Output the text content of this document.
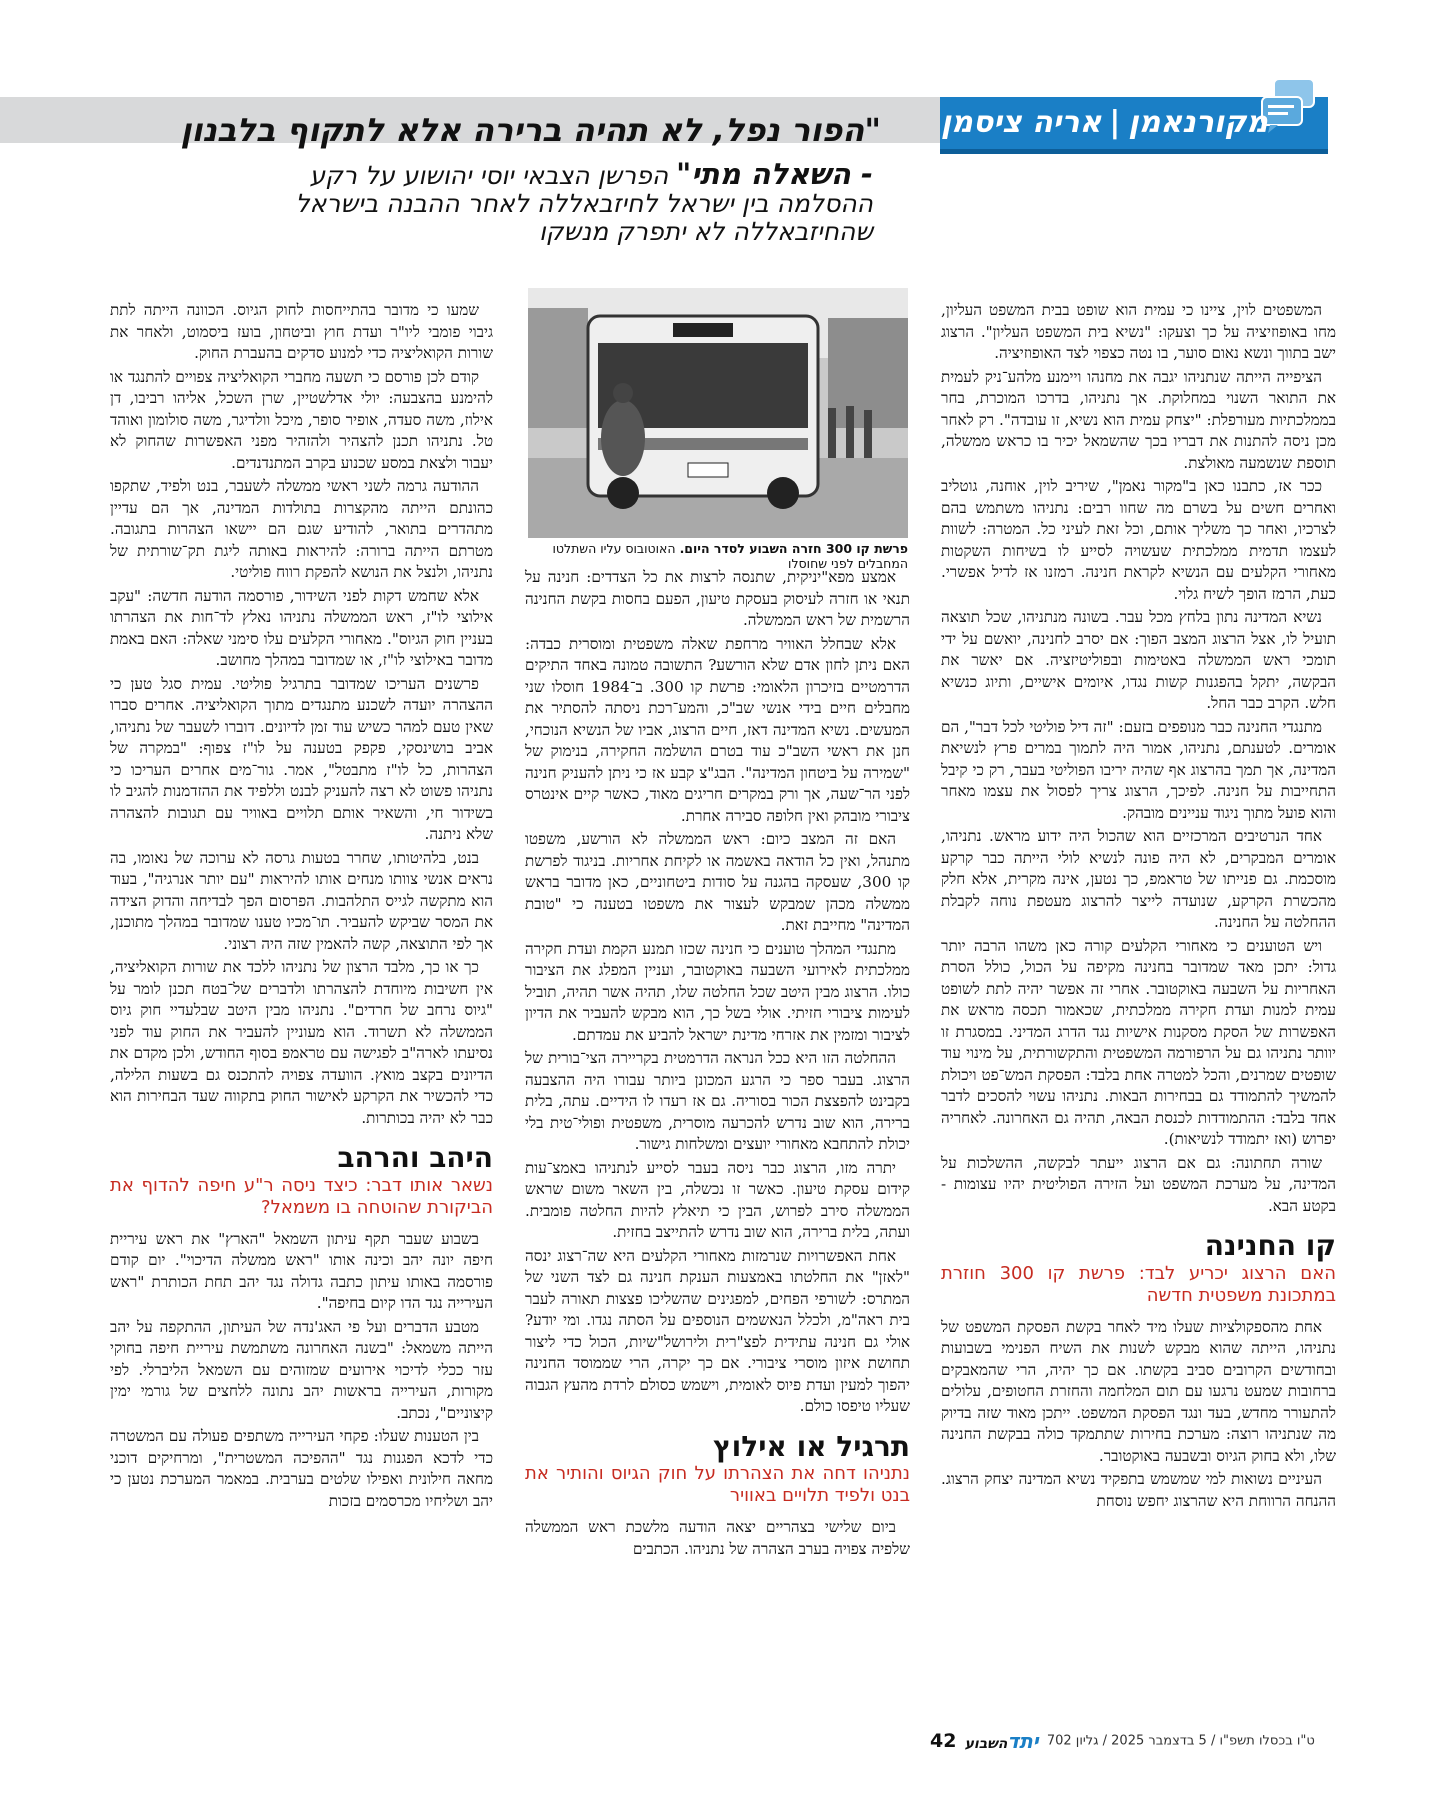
"הפור נפל, לא תהיה ברירה אלא לתקוף בלבנון
- השאלה מתי" הפרשן הצבאי יוסי יהושוע על רקע ההסלמה בין ישראל לחיזבאללה לאחר ההבנה בישראל שהחיזבאללה לא יתפרק מנשקו
מקורנאמן|אריה ציסמן

המשפטים לוין, ציינו כי עמית הוא שופט בבית המשפט העליון, מחו באופוזיציה על כך וצעקו: "נשיא בית המשפט העליון". הרצוג ישב בתווך ונשא נאום סוער, בו נטה כצפוי לצד האופוזיציה.

הציפייה הייתה שנתניהו יגבה את מחנהו ויימנע מלהע־ניק לעמית את התואר השנוי במחלוקת. אך נתניהו, בדרכו המוכרת, בחר בממלכתיות מעורפלת: "יצחק עמית הוא נשיא, זו עובדה". רק לאחר מכן ניסה להתנות את דבריו בכך שהשמאל יכיר בו כראש ממשלה, תוספת שנשמעה מאולצת.

ככר אז, כתבנו כאן ב"מקור נאמן", שיריב לוין, אוחנה, גוטליב ואחרים חשים על בשרם מה שחוו רבים: נתניהו משתמש בהם לצרכיו, ואחר כך משליך אותם, וכל זאת לעיני כל. המטרה: לשוות לעצמו תדמית ממלכתית שעשויה לסייע לו בשיחות השקטות מאחורי הקלעים עם הנשיא לקראת חנינה. רמזנו אז לדיל אפשרי. כעת, הרמז הופך לשיח גלוי.

נשיא המדינה נתון בלחץ מכל עבר. בשונה מנתניהו, שכל תוצאה תועיל לו, אצל הרצוג המצב הפוך: אם יסרב לחנינה, יואשם על ידי תומכי ראש הממשלה באטימות ובפוליטיזציה. אם יאשר את הבקשה, יתקל בהפגנות קשות נגדו, איומים אישיים, ותיוג כנשיא חלש. הקרב כבר החל.

מתנגדי החנינה כבר מנופפים בזעם: "זה דיל פוליטי לכל דבר", הם אומרים. לטענתם, נתניהו, אמור היה לתמוך במרים פרץ לנשיאת המדינה, אך תמך בהרצוג אף שהיה יריבו הפוליטי בעבר, רק כי קיבל התחייבות על חנינה. לפיכך, הרצוג צריך לפסול את עצמו מאחר והוא פועל מתוך ניגוד עניינים מובהק.

אחד הנרטיבים המרכזיים הוא שהכול היה ידוע מראש. נתניהו, אומרים המבקרים, לא היה פונה לנשיא לולי הייתה כבר קרקע מוסכמת. גם פנייתו של טראמפ, כך נטען, אינה מקרית, אלא חלק מהכשרת הקרקע, שנועדה לייצר להרצוג מעטפת נוחה לקבלת ההחלטה על החנינה.

ויש הטוענים כי מאחורי הקלעים קורה כאן משהו הרבה יותר גדול: יתכן מאד שמדובר בחנינה מקיפה על הכול, כולל הסרת האחריות על השבעה באוקטובר. אחרי זה אפשר יהיה לתת לשופט עמית למנות ועדת חקירה ממלכתית, שכאמור תכסה מראש את האפשרות של הסקת מסקנות אישיות נגד הדרג המדיני. במסגרת זו יוותר נתניהו גם על הרפורמה המשפטית והתקשורתית, על מינוי עוד שופטים שמרנים, והכל למטרה אחת בלבד: הפסקת המש־פט ויכולת להמשיך להתמודד גם בבחירות הבאות. נתניהו עשוי להסכים לדבר אחד בלבד: ההתמודדות לכנסת הבאה, תהיה גם האחרונה. לאחריה יפרוש (ואז יתמודד לנשיאות).

שורה תחתונה: גם אם הרצוג ייעתר לבקשה, ההשלכות על המדינה, על מערכת המשפט ועל הזירה הפוליטית יהיו עצומות - בקטע הבא.

קו החנינה
האם הרצוג יכריע לבד: פרשת קו 300 חוזרת במתכונת משפטית חדשה

אחת מהספקולציות שעלו מיד לאחר בקשת הפסקת המשפט של נתניהו, הייתה שהוא מבקש לשנות את השיח הפנימי בשבועות ובחודשים הקרובים סביב בקשתו. אם כך יהיה, הרי שהמאבקים ברחובות שמעט נרגעו עם תום המלחמה והחזרת החטופים, עלולים להתעורר מחדש, בעד ונגד הפסקת המשפט. ייתכן מאוד שזה בדיוק מה שנתניהו רוצה: מערכת בחירות שתתמקד כולה בבקשת החנינה שלו, ולא בחוק הגיוס ובשבעה באוקטובר.

העיניים נשואות למי שמשמש בתפקיד נשיא המדינה יצחק הרצוג. ההנחה הרווחת היא שהרצוג יחפש נוסחת

פרשת קו 300 חזרה השבוע לסדר היום. האוטובוס עליו השתלטו המחבלים לפני שחוסלו

אמצע מפא"יניקית, שתנסה לרצות את כל הצדדים: חנינה על תנאי או חזרה לעיסוק בעסקת טיעון, הפעם בחסות בקשת החנינה הרשמית של ראש הממשלה.

אלא שבחלל האוויר מרחפת שאלה משפטית ומוסרית כבדה: האם ניתן לחון אדם שלא הורשע? התשובה טמונה באחד התיקים הדרמטיים בזיכרון הלאומי: פרשת קו 300. ב־1984 חוסלו שני מחבלים חיים בידי אנשי שב"כ, והמע־רכת ניסתה להסתיר את המעשים. נשיא המדינה דאז, חיים הרצוג, אביו של הנשיא הנוכחי, חנן את ראשי השב"כ עוד בטרם הושלמה החקירה, בנימוק של "שמירה על ביטחון המדינה". הבג"צ קבע אז כי ניתן להעניק חנינה לפני הר־שעה, אך ורק במקרים חריגים מאוד, כאשר קיים אינטרס ציבורי מובהק ואין חלופה סבירה אחרת.

האם זה המצב כיום: ראש הממשלה לא הורשע, משפטו מתנהל, ואין כל הודאה באשמה או לקיחת אחריות. בניגוד לפרשת קו 300, שעסקה בהגנה על סודות ביטחוניים, כאן מדובר בראש ממשלה מכהן שמבקש לעצור את משפטו בטענה כי "טובת המדינה" מחייבת זאת.

מתנגדי המהלך טוענים כי חנינה שכזו תמנע הקמת ועדת חקירה ממלכתית לאירועי השבעה באוקטובר, ועניין המפלג את הציבור כולו. הרצוג מבין היטב שכל החלטה שלו, תהיה אשר תהיה, תוביל לעימות ציבורי חזיתי. אולי בשל כך, הוא מבקש להעביר את הדיון לציבור ומזמין את אזרחי מדינת ישראל להביע את עמדתם.

ההחלטה הזו היא ככל הנראה הדרמטית בקריירה הצי־בורית של הרצוג. בעבר ספר כי הרגע המכונן ביותר עבורו היה ההצבעה בקבינט להפצצת הכור בסוריה. גם אז רעדו לו הידיים. עתה, בלית ברירה, הוא שוב נדרש להכרעה מוסרית, משפטית ופולי־טית בלי יכולת להתחבא מאחורי יועצים ומשלחות גישור.

יתרה מזו, הרצוג כבר ניסה בעבר לסייע לנתניהו באמצ־עות קידום עסקת טיעון. כאשר זו נכשלה, בין השאר משום שראש הממשלה סירב לפרוש, הבין כי תיאלץ להיות החלטה פומבית. ועתה, בלית ברירה, הוא שוב נדרש להתייצב בחזית.

אחת האפשרויות שנרמזות מאחורי הקלעים היא שה־רצוג ינסה "לאזן" את החלטתו באמצעות הענקת חנינה גם לצד השני של המתרס: לשורפי הפחים, למפגינים שהשליכו פצצות תאורה לעבר בית ראה"מ, ולכלל הנאשמים הנוספים על הסתה נגדו. ומי יודע? אולי גם חנינה עתידית לפצ"רית ולירושל"שיות, הכול כדי ליצור תחושת איזון מוסרי ציבורי. אם כך יקרה, הרי שממוסד החנינה יהפוך למעין ועדת פיוס לאומית, וישמש כסולם לרדת מהעץ הגבוה שעליו טיפסו כולם.

תרגיל או אילוץ
נתניהו דחה את הצהרתו על חוק הגיוס והותיר את בנט ולפיד תלויים באוויר

ביום שלישי בצהריים יצאה הודעה מלשכת ראש הממשלה שלפיה צפויה בערב הצהרה של נתניהו. הכתבים

שמעו כי מדובר בהתייחסות לחוק הגיוס. הכוונה הייתה לתת גיבוי פומבי ליו"ר ועדת חוץ וביטחון, בועז ביסמוט, ולאחר את שורות הקואליציה כדי למנוע סדקים בהעברת החוק.

קודם לכן פורסם כי תשעה מחברי הקואליציה צפויים להתנגד או להימנע בהצבעה: יולי אדלשטיין, שרן השכל, אליהו רביבו, דן אילוז, משה סעדה, אופיר סופר, מיכל וולדיגר, משה סולומון ואוהד טל. נתניהו תכנן להצהיר ולהזהיר מפני האפשרות שהחוק לא יעבור ולצאת במסע שכנוע בקרב המתנדנדים.

ההודעה גרמה לשני ראשי ממשלה לשעבר, בנט ולפיד, שתקפו כהונתם הייתה מהקצרות בתולדות המדינה, אך הם עדיין מתהדרים בתואר, להודיע שגם הם יישאו הצהרות בתגובה. מטרתם הייתה ברורה: להיראות באותה ליגת תק־שורתית של נתניהו, ולנצל את הנושא להפקת רווח פוליטי.

אלא שחמש דקות לפני השידור, פורסמה הודעה חדשה: "עקב אילוצי לו"ז, ראש הממשלה נתניהו נאלץ לד־חות את הצהרתו בעניין חוק הגיוס". מאחורי הקלעים עלו סימני שאלה: האם באמת מדובר באילוצי לו"ז, או שמדובר במהלך מחושב.

פרשנים העריכו שמדובר בתרגיל פוליטי. עמית סגל טען כי ההצהרה יועדה לשכנע מתנגדים מתוך הקואליציה. אחרים סברו שאין טעם למהר כשיש עוד זמן לדיונים. דוברו לשעבר של נתניהו, אביב בושינסקי, פקפק בטענה על לו"ז צפוף: "במקרה של הצהרות, כל לו"ז מתבטל", אמר. גור־מים אחרים העריכו כי נתניהו פשוט לא רצה להעניק לבנט וללפיד את ההזדמנות להגיב לו בשידור חי, והשאיר אותם תלויים באוויר עם תגובות להצהרה שלא ניתנה.

בנט, בלהיטותו, שחרר בטעות גרסה לא ערוכה של נאומו, בה נראים אנשי צוותו מנחים אותו להיראות "עם יותר אנרגיה", בעוד הוא מתקשה לגייס התלהבות. הפרסום הפך לבדיחה והדוק הצידה את המסר שביקש להעביר. תו־מכיו טענו שמדובר במהלך מתוכנן, אך לפי התוצאה, קשה להאמין שזה היה רצוני.

כך או כך, מלבד הרצון של נתניהו ללכד את שורות הקואליציה, אין חשיבות מיוחדת להצהרתו ולדברים של־בטח תכנן לומר על "גיוס נרחב של חרדים". נתניהו מבין היטב שבלעדיי חוק גיוס הממשלה לא תשרוד. הוא מעוניין להעביר את החוק עוד לפני נסיעתו לארה"ב לפגישה עם טראמפ בסוף החודש, ולכן מקדם את הדיונים בקצב מואץ. הוועדה צפויה להתכנס גם בשעות הלילה, כדי להכשיר את הקרקע לאישור החוק בתקווה שעד הבחירות הוא כבר לא יהיה בכותרות.

היהב והרהב
נשאר אותו דבר: כיצד ניסה ר"ע חיפה להדוף את הביקורת שהוטחה בו משמאל?

בשבוע שעבר תקף עיתון השמאל "הארץ" את ראש עיריית חיפה יונה יהב וכינה אותו "ראש ממשלה הדיכוי". יום קודם פורסמה באותו עיתון כתבה גדולה נגד יהב תחת הכותרת "ראש העירייה נגד הדו קיום בחיפה".

מטבע הדברים ועל פי האג'נדה של העיתון, ההתקפה על יהב הייתה משמאל: "בשנה האחרונה משתמשת עיריית חיפה בחוקי עזר ככלי לדיכוי אירועים שמזוהים עם השמאל הליברלי. לפי מקורות, העירייה בראשות יהב נתונה ללחצים של גורמי ימין קיצוניים", נכתב.

בין הטענות שעלו: פקחי העירייה משתפים פעולה עם המשטרה כדי לדכא הפגנות נגד "ההפיכה המשטרית", ומרחיקים דוכני מחאה חילונית ואפילו שלטים בערבית. במאמר המערכת נטען כי יהב ושליחיו מכרסמים בזכות

42	יתדהשבוע	ט"ו בכסלו תשפ"ו / 5 בדצמבר 2025 / גליון 702
